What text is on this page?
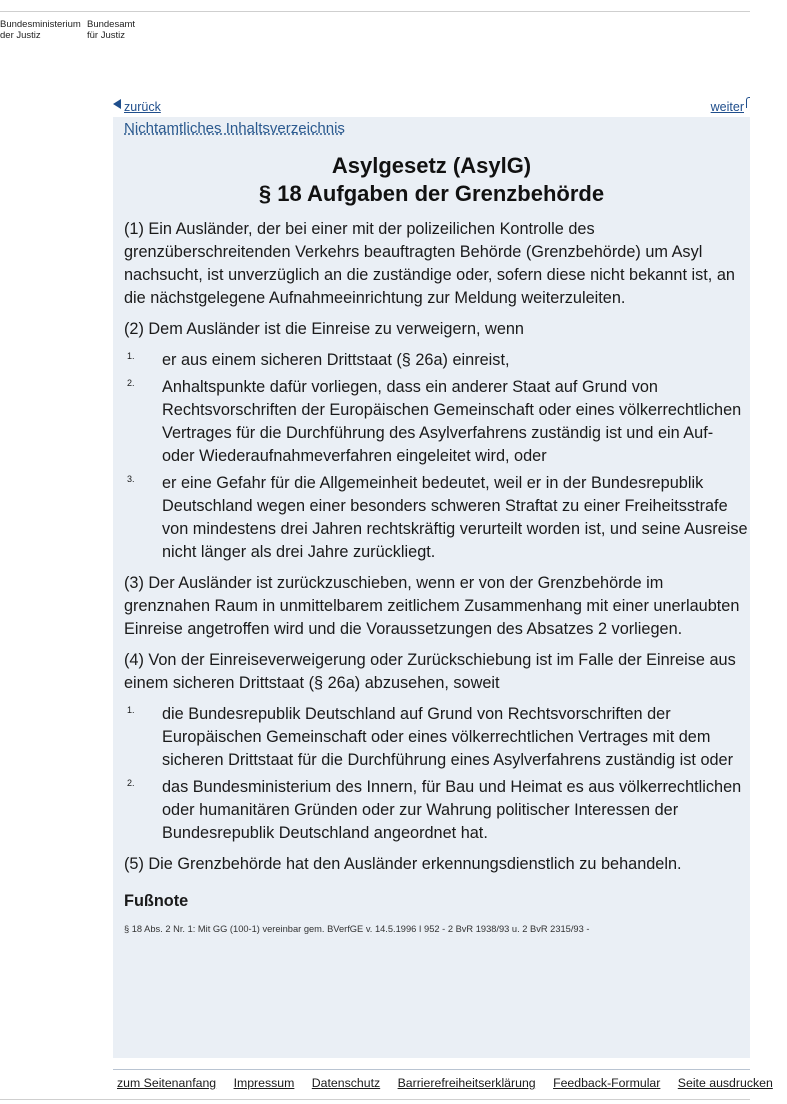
Bundesministerium
der Justiz
Bundesamt
für Justiz
zurück	weiter
Nichtamtliches Inhaltsverzeichnis
Asylgesetz (AsylG)
§ 18 Aufgaben der Grenzbehörde

(1) Ein Ausländer, der bei einer mit der polizeilichen Kontrolle des grenzüberschreitenden Verkehrs beauftragten Behörde (Grenzbehörde) um Asyl nachsucht, ist unverzüglich an die zuständige oder, sofern diese nicht bekannt ist, an die nächstgelegene Aufnahmeeinrichtung zur Meldung weiterzuleiten.

(2) Dem Ausländer ist die Einreise zu verweigern, wenn

1. er aus einem sicheren Drittstaat (§ 26a) einreist,
2. Anhaltspunkte dafür vorliegen, dass ein anderer Staat auf Grund von Rechtsvorschriften der Europäischen Gemeinschaft oder eines völkerrechtlichen Vertrages für die Durchführung des Asylverfahrens zuständig ist und ein Auf- oder Wiederaufnahmeverfahren eingeleitet wird, oder
3. er eine Gefahr für die Allgemeinheit bedeutet, weil er in der Bundesrepublik Deutschland wegen einer besonders schweren Straftat zu einer Freiheitsstrafe von mindestens drei Jahren rechtskräftig verurteilt worden ist, und seine Ausreise nicht länger als drei Jahre zurückliegt.

(3) Der Ausländer ist zurückzuschieben, wenn er von der Grenzbehörde im grenznahen Raum in unmittelbarem zeitlichem Zusammenhang mit einer unerlaubten Einreise angetroffen wird und die Voraussetzungen des Absatzes 2 vorliegen.

(4) Von der Einreiseverweigerung oder Zurückschiebung ist im Falle der Einreise aus einem sicheren Drittstaat (§ 26a) abzusehen, soweit

1. die Bundesrepublik Deutschland auf Grund von Rechtsvorschriften der Europäischen Gemeinschaft oder eines völkerrechtlichen Vertrages mit dem sicheren Drittstaat für die Durchführung eines Asylverfahrens zuständig ist oder
2. das Bundesministerium des Innern, für Bau und Heimat es aus völkerrechtlichen oder humanitären Gründen oder zur Wahrung politischer Interessen der Bundesrepublik Deutschland angeordnet hat.

(5) Die Grenzbehörde hat den Ausländer erkennungsdienstlich zu behandeln.

Fußnote

§ 18 Abs. 2 Nr. 1: Mit GG (100-1) vereinbar gem. BVerfGE v. 14.5.1996 I 952 - 2 BvR 1938/93 u. 2 BvR 2315/93 -

zum Seitenanfang Impressum Datenschutz Barrierefreiheitserklärung Feedback-Formular Seite ausdrucken
